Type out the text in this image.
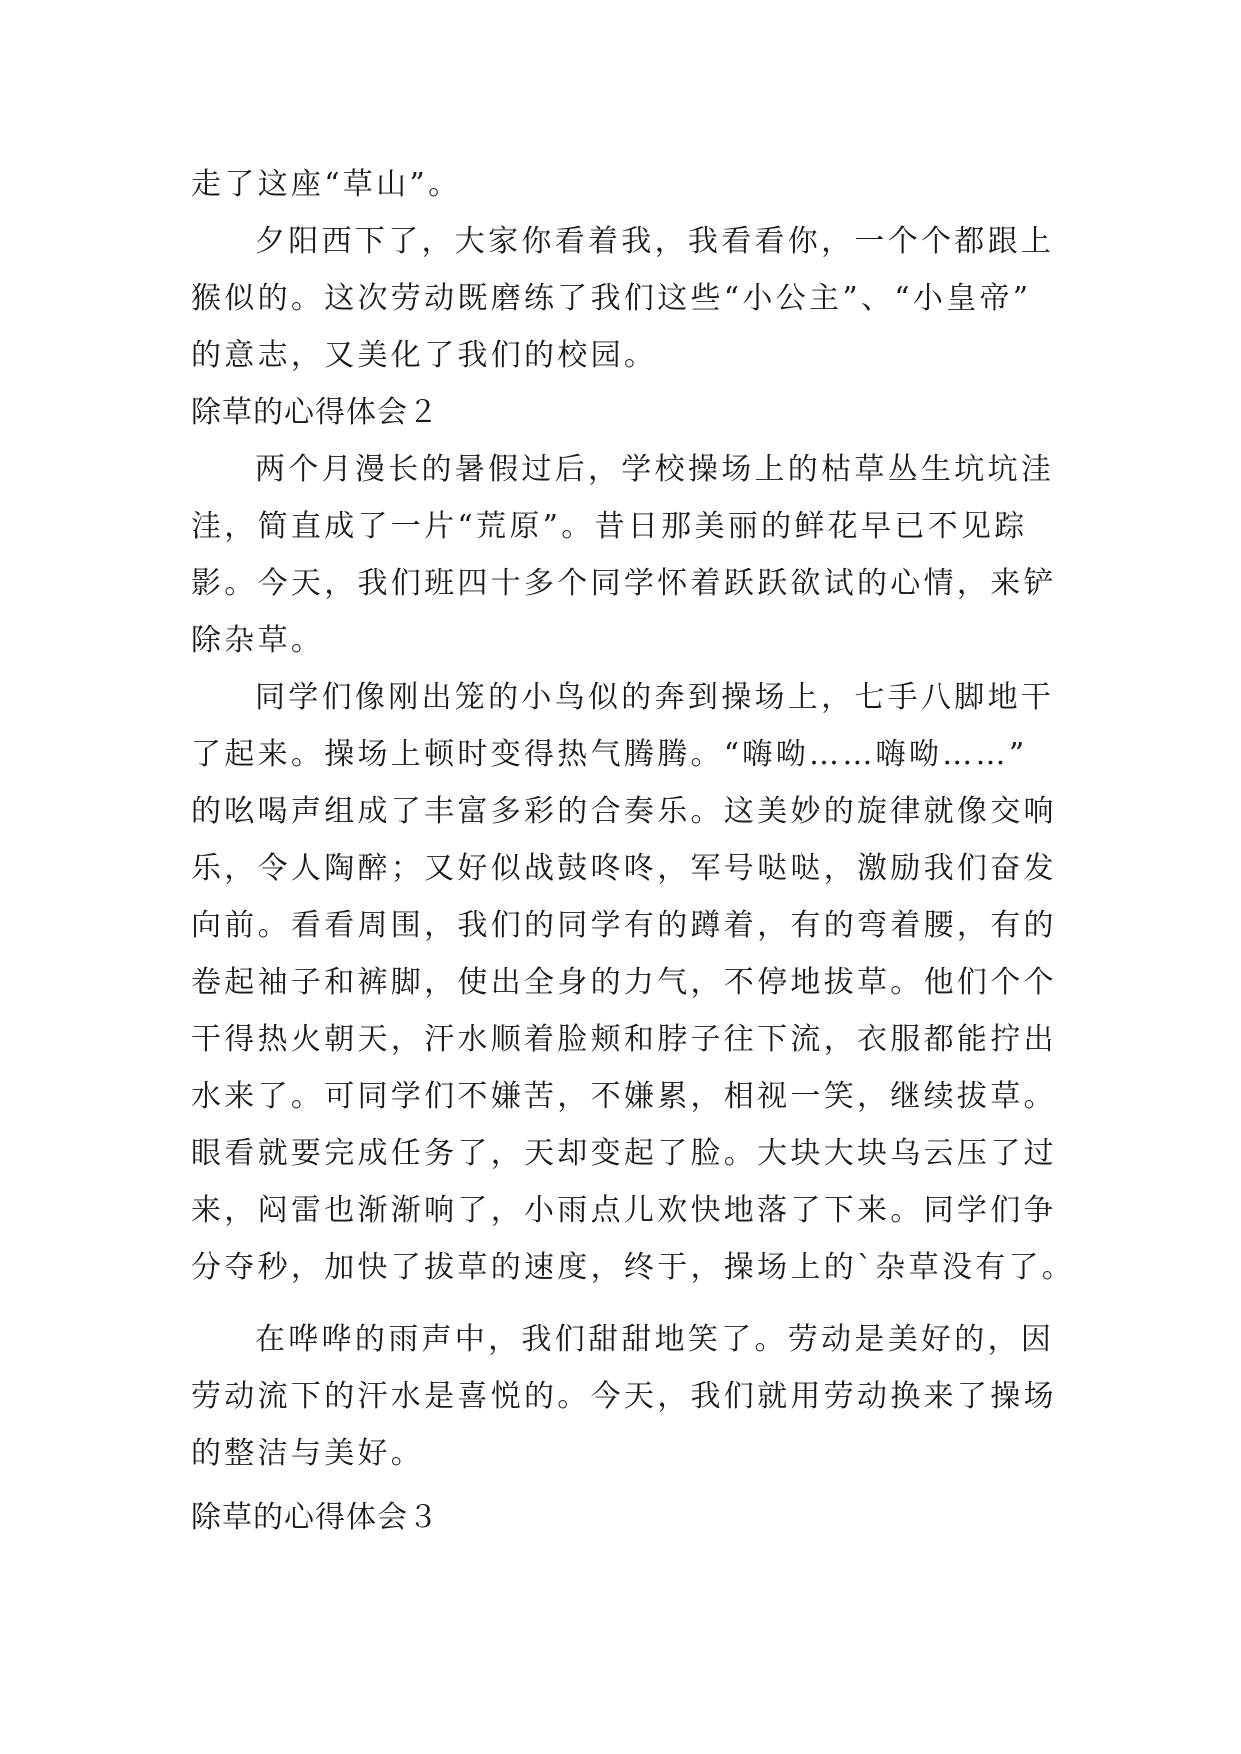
走了这座“草山”。
夕阳西下了，大家你看着我，我看看你，一个个都跟上
猴似的。这次劳动既磨练了我们这些“小公主”、“小皇帝”
的意志，又美化了我们的校园。
除草的心得体会２
两个月漫长的暑假过后，学校操场上的枯草丛生坑坑洼
洼，简直成了一片“荒原”。昔日那美丽的鲜花早已不见踪
影。今天，我们班四十多个同学怀着跃跃欲试的心情，来铲
除杂草。
同学们像刚出笼的小鸟似的奔到操场上，七手八脚地干
了起来。操场上顿时变得热气腾腾。“嗨呦……嗨呦……”
的吆喝声组成了丰富多彩的合奏乐。这美妙的旋律就像交响
乐，令人陶醉；又好似战鼓咚咚，军号哒哒，激励我们奋发
向前。看看周围，我们的同学有的蹲着，有的弯着腰，有的
卷起袖子和裤脚，使出全身的力气，不停地拔草。他们个个
干得热火朝天，汗水顺着脸颊和脖子往下流，衣服都能拧出
水来了。可同学们不嫌苦，不嫌累，相视一笑，继续拔草。
眼看就要完成任务了，天却变起了脸。大块大块乌云压了过
来，闷雷也渐渐响了，小雨点儿欢快地落了下来。同学们争
分夺秒，加快了拔草的速度，终于，操场上的`杂草没有了。
在哗哗的雨声中，我们甜甜地笑了。劳动是美好的，因
劳动流下的汗水是喜悦的。今天，我们就用劳动换来了操场
的整洁与美好。
除草的心得体会３
